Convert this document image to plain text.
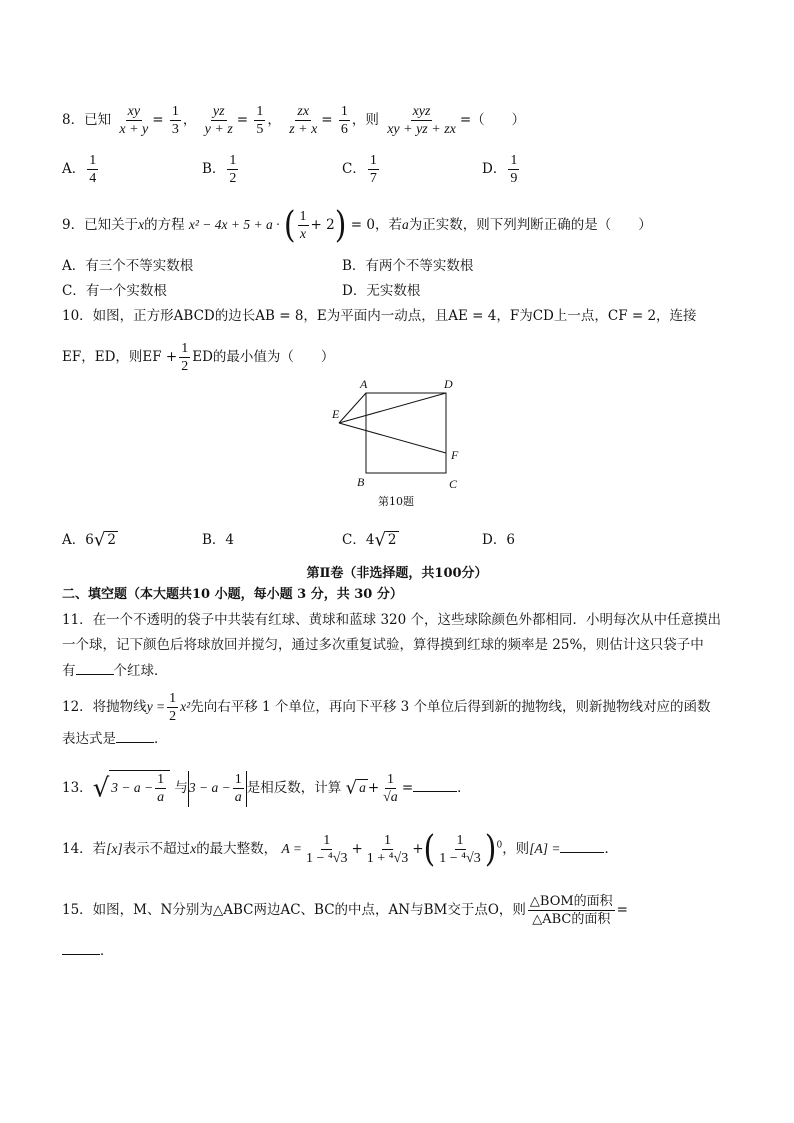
8．已知 $\frac{xy}{x + y} = \frac{1}{3}$ ， $\frac{yz}{y + z} = \frac{1}{5}$ ， $\frac{zx}{z + x} = \frac{1}{6}$ ，则 $\frac{\text{xyz}}{xy + yz + zx}$ =（　　）
A． $\frac{1}{4}$	B． $\frac{1}{2}$	C． $\frac{1}{7}$	D． $\frac{1}{9}$
9．已知关于x的方程 x² − 4x + 5 + a · ( $\frac{1}{x} + 2) = 0$，若a为正实数，则下列判断正确的是（　　）
A．有三个不等实数根	B．有两个不等实数根
C．有一个实数根	D．无实数根
10．如图，正方形ABCD的边长AB = 8，E为平面内一动点，且AE = 4，F为CD上一点，CF = 2，连接
EF，ED，则EF + $\frac{1}{2}$ ED的最小值为（　　）
A	D
E
F
B	C
第10题
A．6√ 2	B．4	C．4√ 2	D．6
第Ⅱ卷（非选择题，共100分）
二、填空题（本大题共10 小题，每小题 3 分，共 30 分）
11．在一个不透明的袋子中共装有红球、黄球和蓝球 320 个，这些球除颜色外都相同．小明每次从中任意摸出
一个球，记下颜色后将球放回并搅匀，通过多次重复试验，算得摸到红球的频率是 25%，则估计这只袋子中
有	个红球．
12．将抛物线$y = \frac{1}{2} x^2$先向右平移 1 个单位，再向下平移 3 个单位后得到新的抛物线，则新抛物线对应的函数
表达式是	．
13．√ $3 - a - \frac{1}{a}$ 与$3 - a - \frac{1}{a}$ 是相反数，计算 √ $a + \frac{1}{√a}$ =	．
14．若[x]表示不超过x的最大整数， $A = \frac{1}{\text{1 − ⁴√3}} + \frac{1}{\text{1 + ⁴√3}}$ +( $\frac{1}{\text{1 − ⁴√3}} )^0$，则[A] =	．
15．如图，M、N分别为△ABC两边AC、BC的中点，AN与BM交于点O，则 $\frac{\text{△BOM的面积}}{\text{△ABC的面积}}$ =
．
